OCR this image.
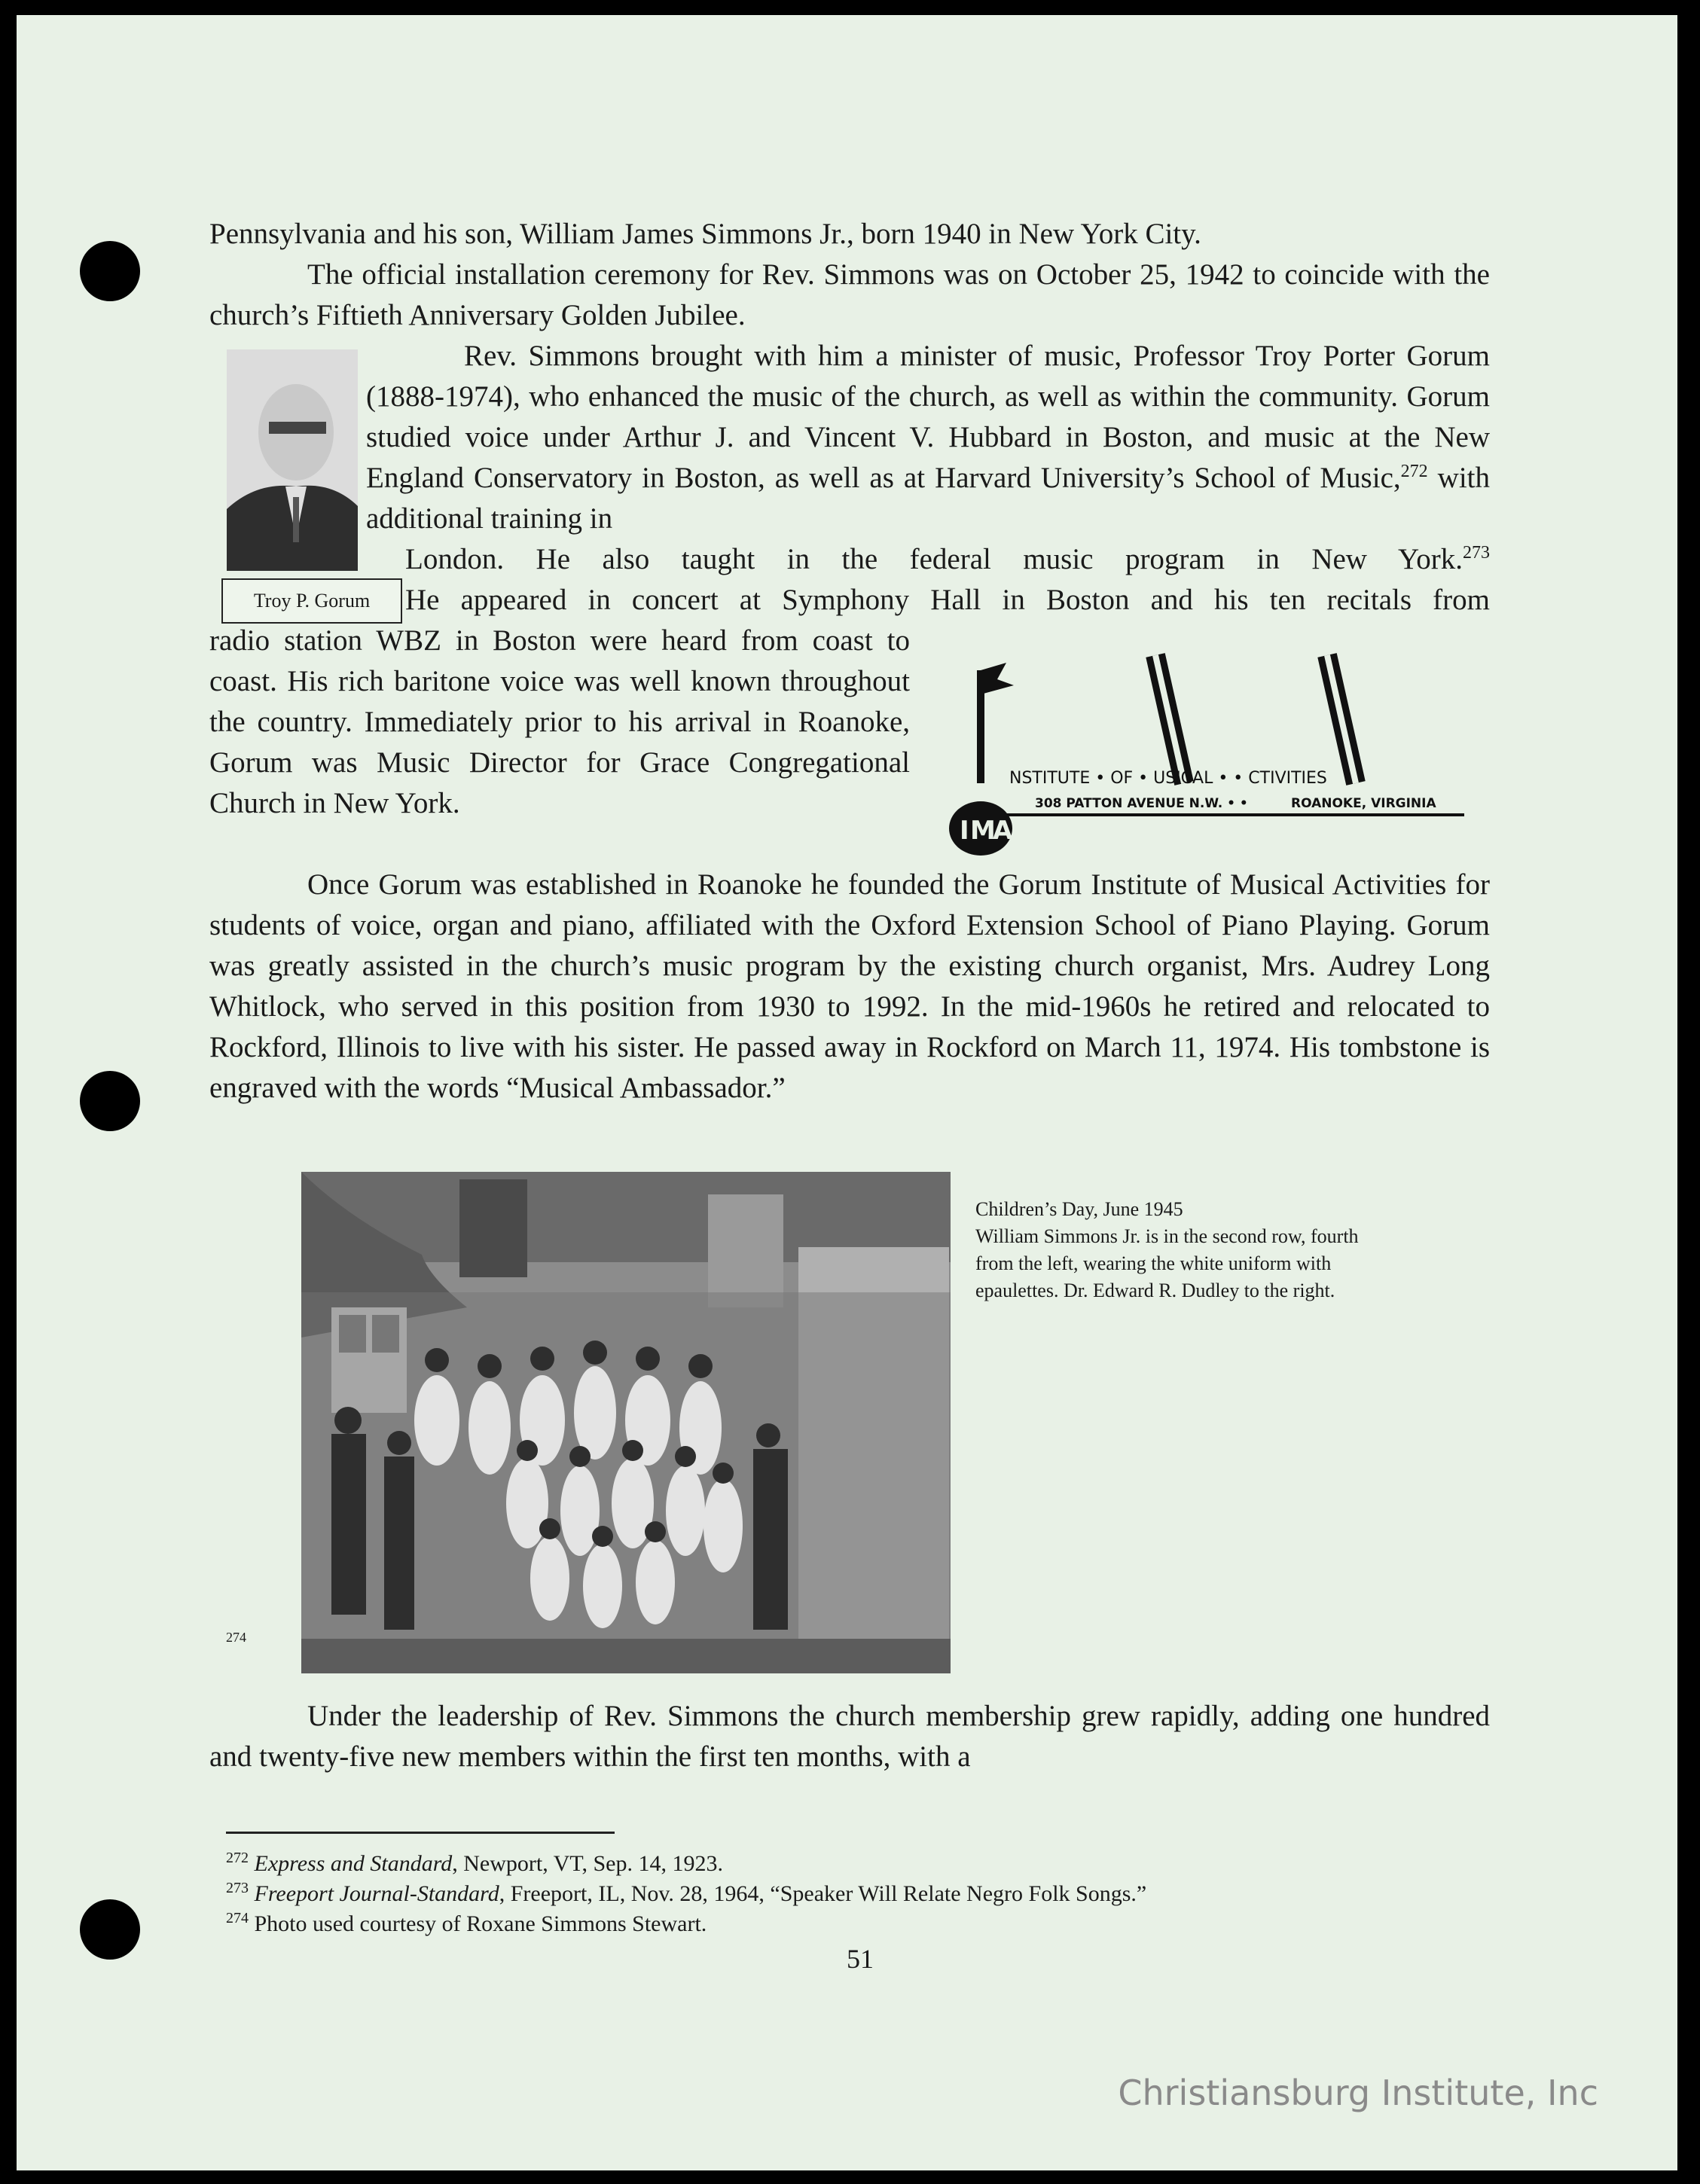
Pennsylvania and his son, William James Simmons Jr., born 1940 in New York City.

The official installation ceremony for Rev. Simmons was on October 25, 1942 to coincide with the church’s Fiftieth Anniversary Golden Jubilee.

Troy P. Gorum

Rev. Simmons brought with him a minister of music, Professor Troy Porter Gorum (1888-1974), who enhanced the music of the church, as well as within the community. Gorum studied voice under Arthur J. and Vincent V. Hubbard in Boston, and music at the New England Conservatory in Boston, as well as at Harvard University’s School of Music,$^{272}$ with additional training in

London. He also taught in the federal music program in New York.$^{273}$

He appeared in concert at Symphony Hall in Boston and his ten recitals from

radio station WBZ in Boston were heard from coast to coast. His rich baritone voice was well known throughout the country. Immediately prior to his arrival in Roanoke, Gorum was Music Director for Grace Congregational Church in New York.

NSTITUTE • OF • USICAL • • CTIVITIES
308 PATTON AVENUE N.W. • •	ROANOKE, VIRGINIA
I M
A

Once Gorum was established in Roanoke he founded the Gorum Institute of Musical Activities for students of voice, organ and piano, affiliated with the Oxford Extension School of Piano Playing. Gorum was greatly assisted in the church’s music program by the existing church organist, Mrs. Audrey Long Whitlock, who served in this position from 1930 to 1992. In the mid-1960s he retired and relocated to Rockford, Illinois to live with his sister. He passed away in Rockford on March 11, 1974. His tombstone is engraved with the words “Musical Ambassador.”

Children’s Day, June 1945
William Simmons Jr. is in the second row, fourth from the left, wearing the white uniform with epaulettes. Dr. Edward R. Dudley to the right.
274

Under the leadership of Rev. Simmons the church membership grew rapidly, adding one hundred and twenty-five new members within the first ten months, with a

$^{272}$ Express and Standard, Newport, VT, Sep. 14, 1923.
$^{273}$ Freeport Journal-Standard, Freeport, IL, Nov. 28, 1964, “Speaker Will Relate Negro Folk Songs.”
$^{274}$ Photo used courtesy of Roxane Simmons Stewart.
51
Christiansburg Institute, Inc
